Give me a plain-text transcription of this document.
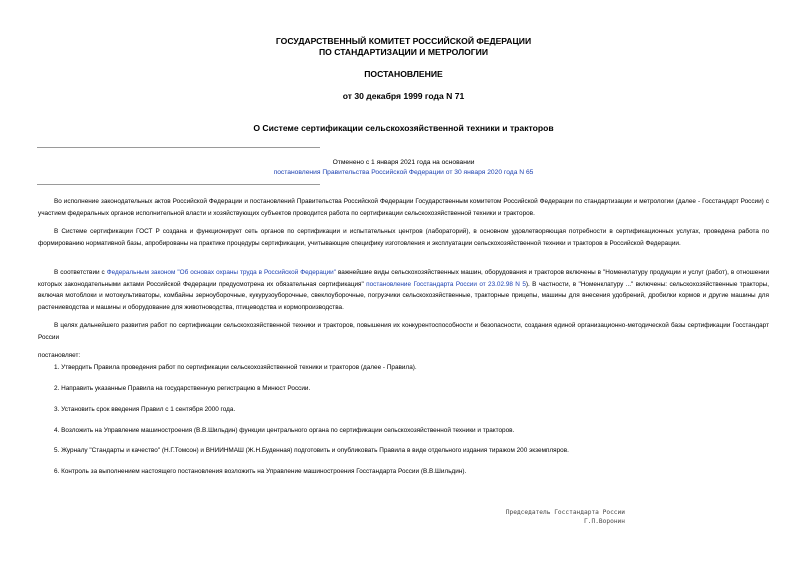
ГОСУДАРСТВЕННЫЙ КОМИТЕТ РОССИЙСКОЙ ФЕДЕРАЦИИ
ПО СТАНДАРТИЗАЦИИ И МЕТРОЛОГИИ
ПОСТАНОВЛЕНИЕ
от 30 декабря 1999 года N 71
О Системе сертификации сельскохозяйственной техники и тракторов
Отменено с 1 января 2021 года на основании
постановления Правительства Российской Федерации от 30 января 2020 года N 65
Во исполнение законодательных актов Российской Федерации и постановлений Правительства Российской Федерации Государственным комитетом Российской Федерации по стандартизации и метрологии (далее - Госстандарт России) с участием федеральных органов исполнительной власти и хозяйствующих субъектов проводится работа по сертификации сельскохозяйственной техники и тракторов.
В Системе сертификации ГОСТ Р создана и функционирует сеть органов по сертификации и испытательных центров (лабораторий), в основном удовлетворяющая потребности в сертификационных услугах, проведена работа по формированию нормативной базы, апробированы на практике процедуры сертификации, учитывающие специфику изготовления и эксплуатации сельскохозяйственной техники и тракторов в Российской Федерации.
В соответствии с Федеральным законом "Об основах охраны труда в Российской Федерации" важнейшие виды сельскохозяйственных машин, оборудования и тракторов включены в "Номенклатуру продукции и услуг (работ), в отношении которых законодательными актами Российской Федерации предусмотрена их обязательная сертификация" постановление Госстандарта России от 23.02.98 N 5). В частности, в "Номенклатуру ..." включены: сельскохозяйственные тракторы, включая мотоблоки и мотокультиваторы, комбайны зерноуборочные, кукурузоуборочные, свеклоуборочные, погрузчики сельскохозяйственные, тракторные прицепы, машины для внесения удобрений, дробилки кормов и другие машины для растениеводства и машины и оборудование для животноводства, птицеводства и кормопроизводства.
В целях дальнейшего развития работ по сертификации сельскохозяйственной техники и тракторов, повышения их конкурентоспособности и безопасности, создания единой организационно-методической базы сертификации Госстандарт России
постановляет:
1. Утвердить Правила проведения работ по сертификации сельскохозяйственной техники и тракторов (далее - Правила).
2. Направить указанные Правила на государственную регистрацию в Минюст России.
3. Установить срок введения Правил с 1 сентября 2000 года.
4. Возложить на Управление машиностроения (В.В.Шильдин) функции центрального органа по сертификации сельскохозяйственной техники и тракторов.
5. Журналу "Стандарты и качество" (Н.Г.Томсон) и ВНИИНМАШ (Ж.Н.Буденная) подготовить и опубликовать Правила в виде отдельного издания тиражом 200 экземпляров.
6. Контроль за выполнением настоящего постановления возложить на Управление машиностроения Госстандарта России (В.В.Шильдин).
Председатель Госстандарта России
Г.П.Воронин
